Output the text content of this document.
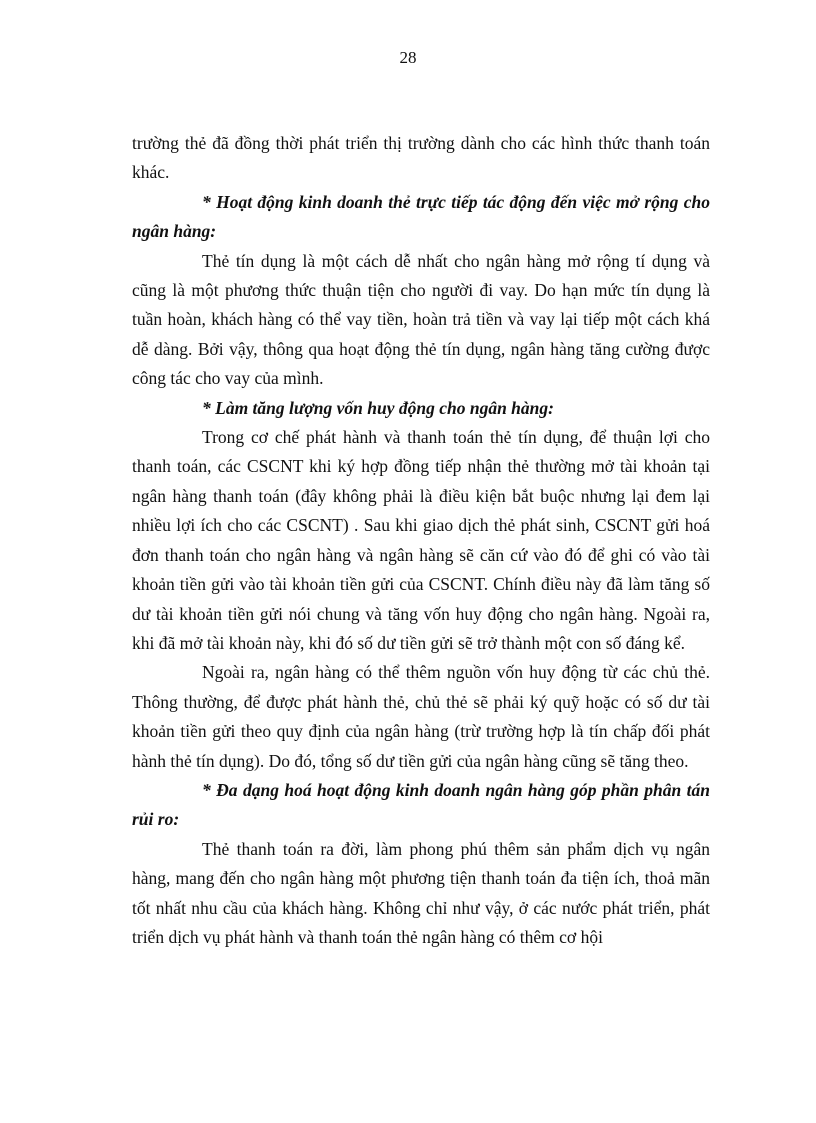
28

trường thẻ đã đồng thời phát triển thị trường dành cho các hình thức thanh toán khác.

* Hoạt động kinh doanh thẻ trực tiếp tác động đến việc mở rộng cho ngân hàng:

Thẻ tín dụng là một cách dễ nhất cho ngân hàng mở rộng tí dụng và cũng là một phương thức thuận tiện cho người đi vay. Do hạn mức tín dụng là tuần hoàn, khách hàng có thể vay tiền, hoàn trả tiền và vay lại tiếp một cách khá dễ dàng. Bởi vậy, thông qua hoạt động thẻ tín dụng, ngân hàng tăng cường được công tác cho vay của mình.

* Làm tăng lượng vốn huy động cho ngân hàng:

Trong cơ chế phát hành và thanh toán thẻ tín dụng, để thuận lợi cho thanh toán, các CSCNT khi ký hợp đồng tiếp nhận thẻ thường mở tài khoản tại ngân hàng thanh toán (đây không phải là điều kiện bắt buộc nhưng lại đem lại nhiều lợi ích cho các CSCNT) . Sau khi giao dịch thẻ phát sinh, CSCNT gửi hoá đơn thanh toán cho ngân hàng và ngân hàng sẽ căn cứ vào đó để ghi có vào tài khoản tiền gửi vào tài khoản tiền gửi của CSCNT. Chính điều này đã làm tăng số dư tài khoản tiền gửi nói chung và tăng vốn huy động cho ngân hàng. Ngoài ra, khi đã mở tài khoản này, khi đó số dư tiền gửi sẽ trở thành một con số đáng kể.

Ngoài ra, ngân hàng có thể thêm nguồn vốn huy động từ các chủ thẻ. Thông thường, để được phát hành thẻ, chủ thẻ sẽ phải ký quỹ hoặc có số dư tài khoản tiền gửi theo quy định của ngân hàng (trừ trường hợp là tín chấp đối phát hành thẻ tín dụng). Do đó, tổng số dư tiền gửi của ngân hàng cũng sẽ tăng theo.

* Đa dạng hoá hoạt động kinh doanh ngân hàng góp phần phân tán rủi ro:

Thẻ thanh toán ra đời, làm phong phú thêm sản phẩm dịch vụ ngân hàng, mang đến cho ngân hàng một phương tiện thanh toán đa tiện ích, thoả mãn tốt nhất nhu cầu của khách hàng. Không chỉ như vậy, ở các nước phát triển, phát triển dịch vụ phát hành và thanh toán thẻ ngân hàng có thêm cơ hội
